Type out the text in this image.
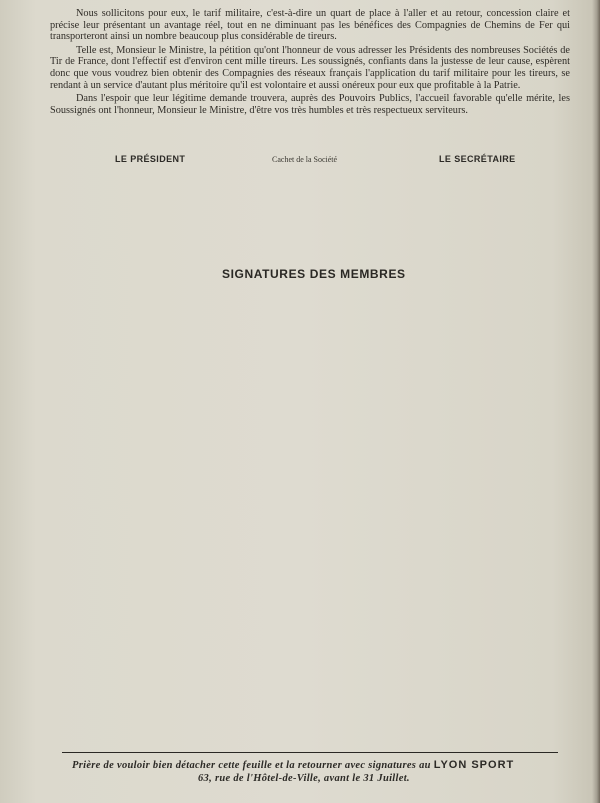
Nous sollicitons pour eux, le tarif militaire, c'est-à-dire un quart de place à l'aller et au retour, concession claire et précise leur présentant un avantage réel, tout en ne diminuant pas les bénéfices des Compagnies de Chemins de Fer qui transporteront ainsi un nombre beaucoup plus considérable de tireurs.

Telle est, Monsieur le Ministre, la pétition qu'ont l'honneur de vous adresser les Présidents des nombreuses Sociétés de Tir de France, dont l'effectif est d'environ cent mille tireurs. Les soussignés, confiants dans la justesse de leur cause, espèrent donc que vous voudrez bien obtenir des Compagnies des réseaux français l'application du tarif militaire pour les tireurs, se rendant à un service d'autant plus méritoire qu'il est volontaire et aussi onéreux pour eux que profitable à la Patrie.

Dans l'espoir que leur légitime demande trouvera, auprès des Pouvoirs Publics, l'accueil favorable qu'elle mérite, les Soussignés ont l'honneur, Monsieur le Ministre, d'être vos très humbles et très respectueux serviteurs.

LE PRÉSIDENT	Cachet de la Société	LE SECRÉTAIRE
SIGNATURES DES MEMBRES
Prière de vouloir bien détacher cette feuille et la retourner avec signatures au LYON SPORT
63, rue de l'Hôtel-de-Ville, avant le 31 Juillet.
